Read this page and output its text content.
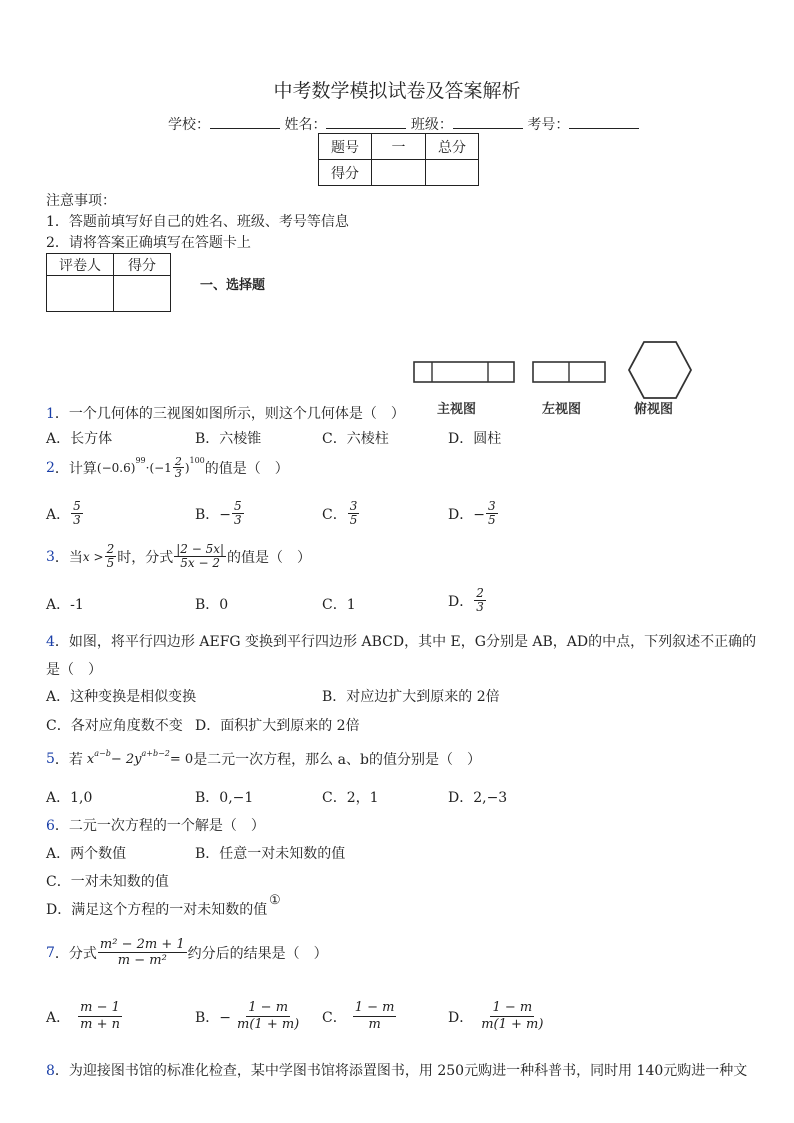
中考数学模拟试卷及答案解析
学校：	姓名：	班级：	考号：
题号	一	总分
得分		
注意事项：
1．答题前填写好自己的姓名、班级、考号等信息
2．请将答案正确填写在答题卡上
评卷人	得分

一、选择题
主视图	左视图	俯视图
1．一个几何体的三视图如图所示，则这个几何体是（　）
A．长方体	B．六棱锥	C．六棱柱	D．圆柱
2 ．计算 $(-0.6)^{99} \cdot(-1 \frac{2}{3} )^{100}$ 的值是（　）
A． $\frac{5}{3}$	B．− $\frac{5}{3}$	C． $\frac{3}{5}$	D．− $\frac{3}{5}$
3 ．当 $x > \frac{2}{5}$ 时，分式 $\frac{|2 - 5x|}{5x - 2}$ 的值是（　）
A．-1	B．0	C．1	D． $\frac{2}{3}$
4．如图，将平行四边形 AEFG 变换到平行四边形 ABCD，其中 E，G分别是 AB，AD的中点，下列叙述不正确的
是（　）
A．这种变换是相似变换	B．对应边扩大到原来的 2倍
C．各对应角度数不变 D．面积扩大到原来的 2倍
5 ．若 $x^{a-b} - 2y^{a+b-2} = 0$ 是二元一次方程，那么 a、b的值分别是（　）
A．1,0	B．0,−1	C．2，1	D．2,−3
6．二元一次方程的一个解是（　）
A．两个数值	B．任意一对未知数的值
C．一对未知数的值
D．满足这个方程的一对未知数的值
①
7 ．分式 $\frac{\text{m² − 2m + 1}}{\text{m − m²}}$ 约分后的结果是（　）
A． $\frac{m - 1}{m + n}$	B．− $\frac{1 - m}{m(1 + m)}$ C． $\frac{1 - m}{m}$	D． $\frac{1 - m}{m(1 + m)}$
8．为迎接图书馆的标准化检查，某中学图书馆将添置图书，用 250元购进一种科普书，同时用 140元购进一种文
